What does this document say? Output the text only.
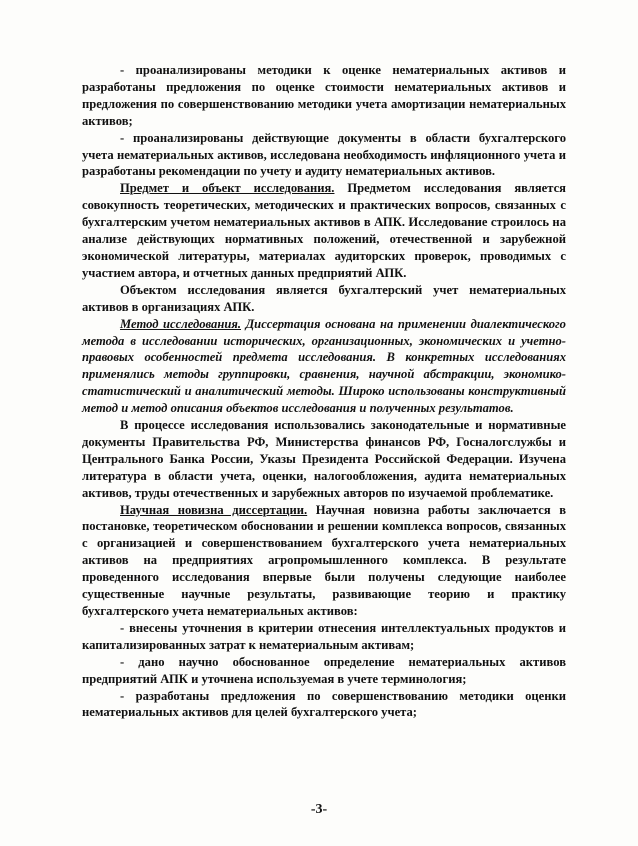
- проанализированы методики к оценке нематериальных активов и разработаны предложения по оценке стоимости нематериальных активов и предложения по совершенствованию методики учета амортизации нематериальных активов;

- проанализированы действующие документы в области бухгалтерского учета нематериальных активов, исследована необходимость инфляционного учета и разработаны рекомендации по учету и аудиту нематериальных активов.

Предмет и объект исследования. Предметом исследования является совокупность теоретических, методических и практических вопросов, связанных с бухгалтерским учетом нематериальных активов в АПК. Исследование строилось на анализе действующих нормативных положений, отечественной и зарубежной экономической литературы, материалах аудиторских проверок, проводимых с участием автора, и отчетных данных предприятий АПК.

Объектом исследования является бухгалтерский учет нематериальных активов в организациях АПК.

Метод исследования. Диссертация основана на применении диалектического метода в исследовании исторических, организационных, экономических и учетно-правовых особенностей предмета исследования. В конкретных исследованиях применялись методы группировки, сравнения, научной абстракции, экономико-статистический и аналитический методы. Широко использованы конструктивный метод и метод описания объектов исследования и полученных результатов.

В процессе исследования использовались законодательные и нормативные документы Правительства РФ, Министерства финансов РФ, Госналогслужбы и Центрального Банка России, Указы Президента Российской Федерации. Изучена литература в области учета, оценки, налогообложения, аудита нематериальных активов, труды отечественных и зарубежных авторов по изучаемой проблематике.

Научная новизна диссертации. Научная новизна работы заключается в постановке, теоретическом обосновании и решении комплекса вопросов, связанных с организацией и совершенствованием бухгалтерского учета нематериальных активов на предприятиях агропромышленного комплекса. В результате проведенного исследования впервые были получены следующие наиболее существенные научные результаты, развивающие теорию и практику бухгалтерского учета нематериальных активов:

- внесены уточнения в критерии отнесения интеллектуальных продуктов и капитализированных затрат к нематериальным активам;

- дано научно обоснованное определение нематериальных активов предприятий АПК и уточнена используемая в учете терминология;

- разработаны предложения по совершенствованию методики оценки нематериальных активов для целей бухгалтерского учета;

-3-
